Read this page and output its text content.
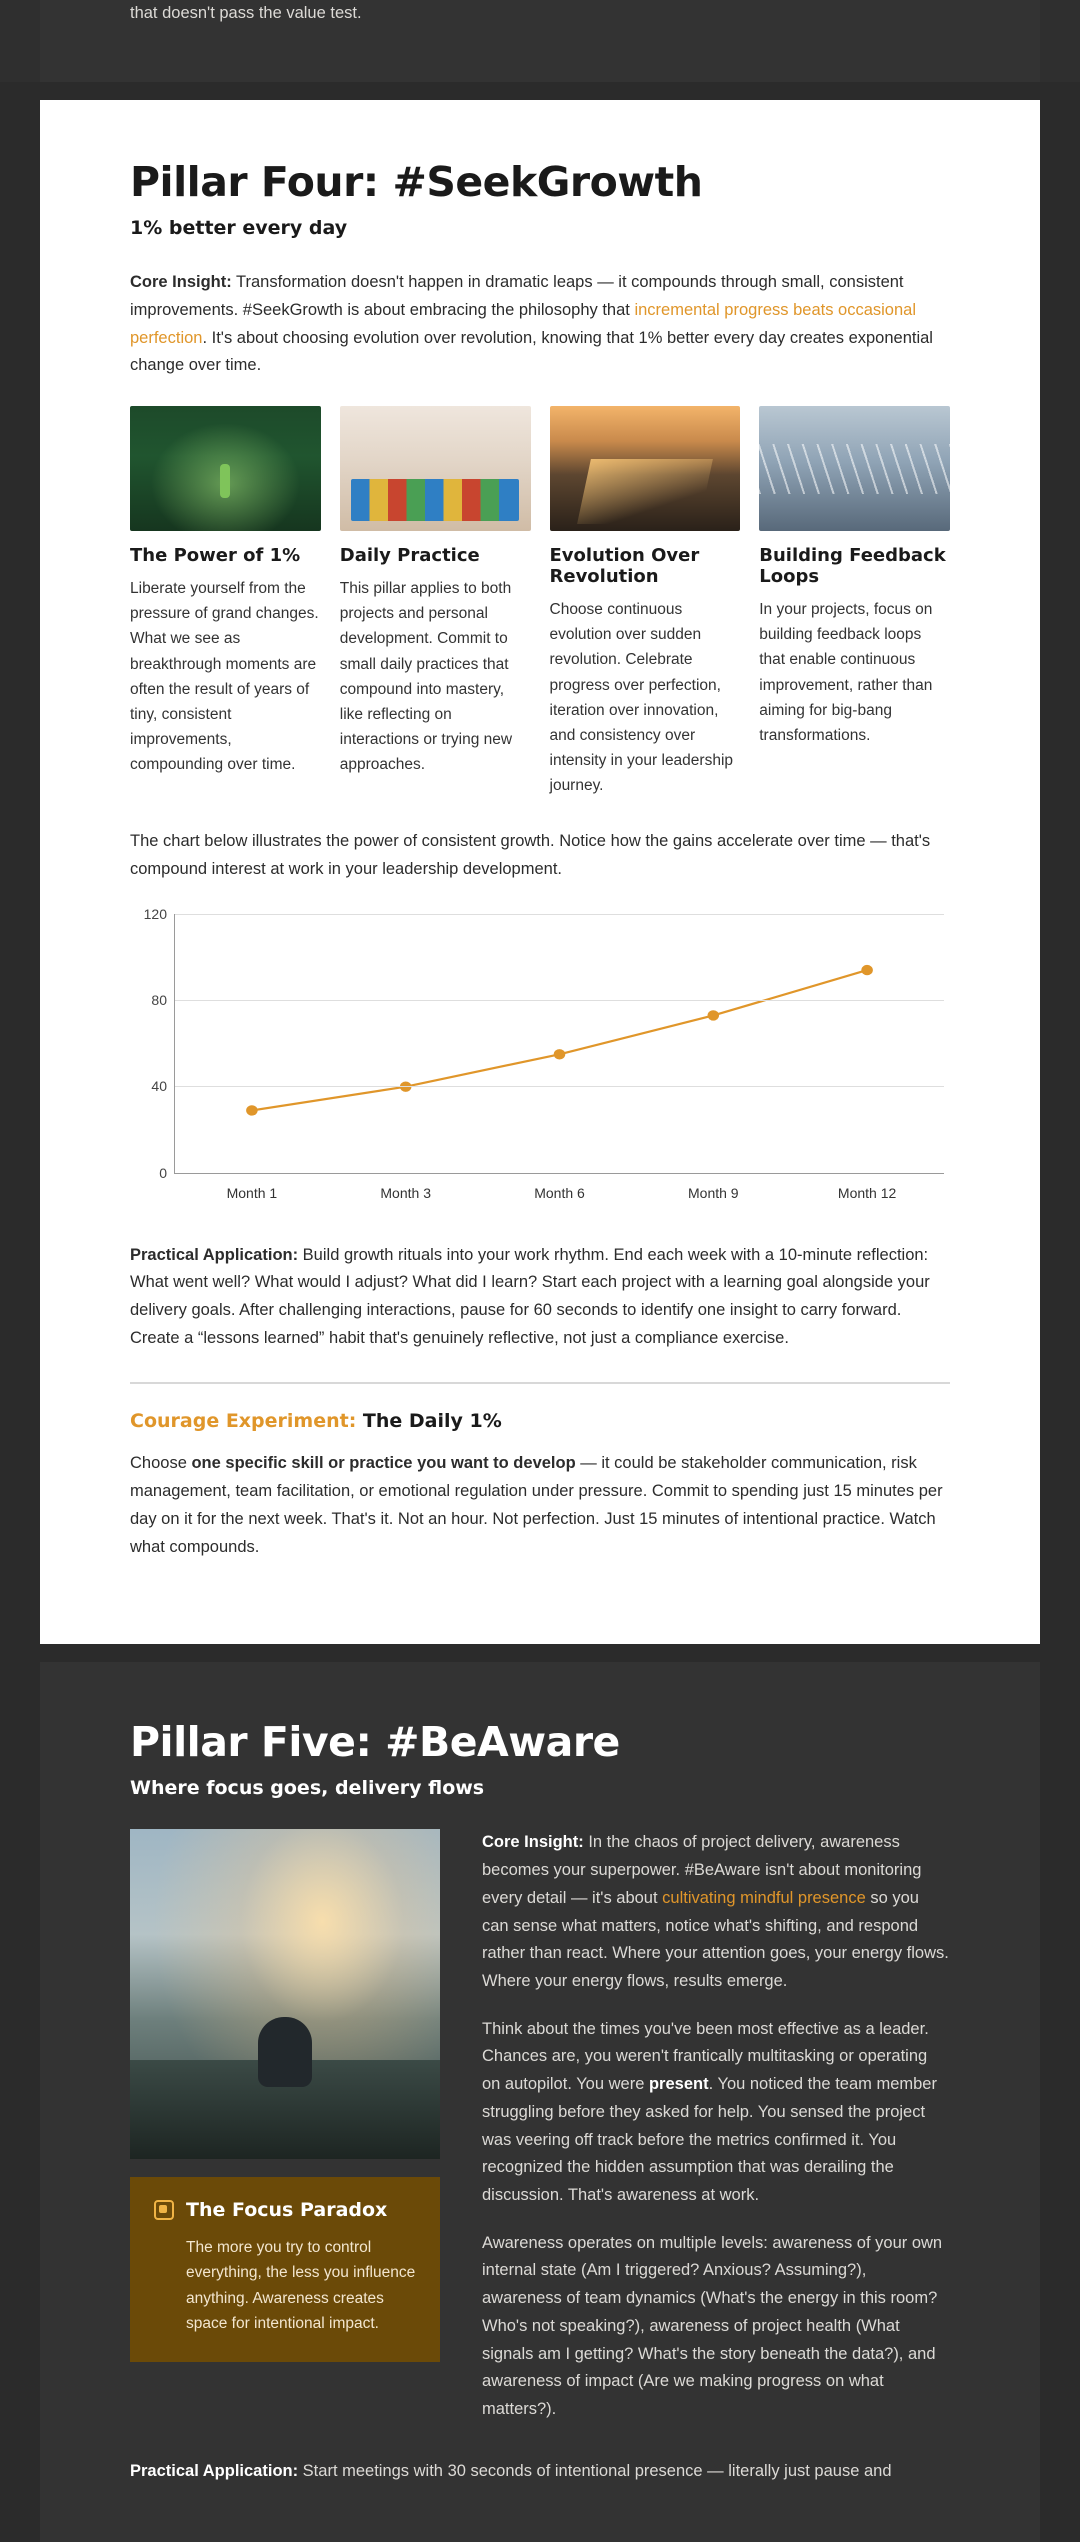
that doesn't pass the value test.
Pillar Four: #SeekGrowth
1% better every day

Core Insight: Transformation doesn't happen in dramatic leaps — it compounds through small, consistent improvements. #SeekGrowth is about embracing the philosophy that incremental progress beats occasional perfection. It's about choosing evolution over revolution, knowing that 1% better every day creates exponential change over time.

The Power of 1%
Liberate yourself from the pressure of grand changes. What we see as breakthrough moments are often the result of years of tiny, consistent improvements, compounding over time.
Daily Practice
This pillar applies to both projects and personal development. Commit to small daily practices that compound into mastery, like reflecting on interactions or trying new approaches.
Evolution Over Revolution
Choose continuous evolution over sudden revolution. Celebrate progress over perfection, iteration over innovation, and consistency over intensity in your leadership journey.
Building Feedback Loops
In your projects, focus on building feedback loops that enable continuous improvement, rather than aiming for big-bang transformations.

The chart below illustrates the power of consistent growth. Notice how the gains accelerate over time — that's compound interest at work in your leadership development.

0
40
80
120
Month 1	Month 3	Month 6	Month 9	Month 12

Practical Application: Build growth rituals into your work rhythm. End each week with a 10-minute reflection: What went well? What would I adjust? What did I learn? Start each project with a learning goal alongside your delivery goals. After challenging interactions, pause for 60 seconds to identify one insight to carry forward. Create a “lessons learned” habit that's genuinely reflective, not just a compliance exercise.

Courage Experiment: The Daily 1%

Choose one specific skill or practice you want to develop — it could be stakeholder communication, risk management, team facilitation, or emotional regulation under pressure. Commit to spending just 15 minutes per day on it for the next week. That's it. Not an hour. Not perfection. Just 15 minutes of intentional practice. Watch what compounds.

Pillar Five: #BeAware
Where focus goes, delivery flows
The Focus Paradox
The more you try to control everything, the less you influence anything. Awareness creates space for intentional impact.

Core Insight: In the chaos of project delivery, awareness becomes your superpower. #BeAware isn't about monitoring every detail — it's about cultivating mindful presence so you can sense what matters, notice what's shifting, and respond rather than react. Where your attention goes, your energy flows. Where your energy flows, results emerge.

Think about the times you've been most effective as a leader. Chances are, you weren't frantically multitasking or operating on autopilot. You were present. You noticed the team member struggling before they asked for help. You sensed the project was veering off track before the metrics confirmed it. You recognized the hidden assumption that was derailing the discussion. That's awareness at work.

Awareness operates on multiple levels: awareness of your own internal state (Am I triggered? Anxious? Assuming?), awareness of team dynamics (What's the energy in this room? Who's not speaking?), awareness of project health (What signals am I getting? What's the story beneath the data?), and awareness of impact (Are we making progress on what matters?).

Practical Application: Start meetings with 30 seconds of intentional presence — literally just pause and
